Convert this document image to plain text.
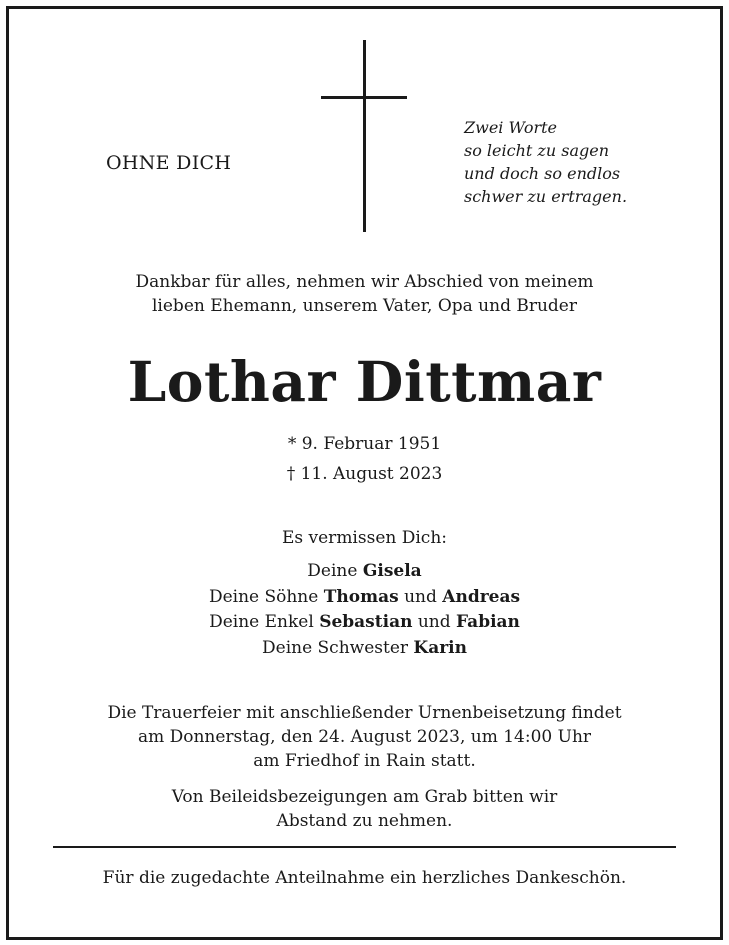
OHNE DICH
Zwei Worte
so leicht zu sagen
und doch so endlos
schwer zu ertragen.
Dankbar für alles, nehmen wir Abschied von meinem
lieben Ehemann, unserem Vater, Opa und Bruder
Lothar Dittmar
* 9. Februar 1951
† 11. August 2023
Es vermissen Dich:
Deine Gisela
Deine Söhne Thomas und Andreas
Deine Enkel Sebastian und Fabian
Deine Schwester Karin
Die Trauerfeier mit anschließender Urnenbeisetzung findet
am Donnerstag, den 24. August 2023, um 14:00 Uhr
am Friedhof in Rain statt.
Von Beileidsbezeigungen am Grab bitten wir
Abstand zu nehmen.
Für die zugedachte Anteilnahme ein herzliches Dankeschön.
